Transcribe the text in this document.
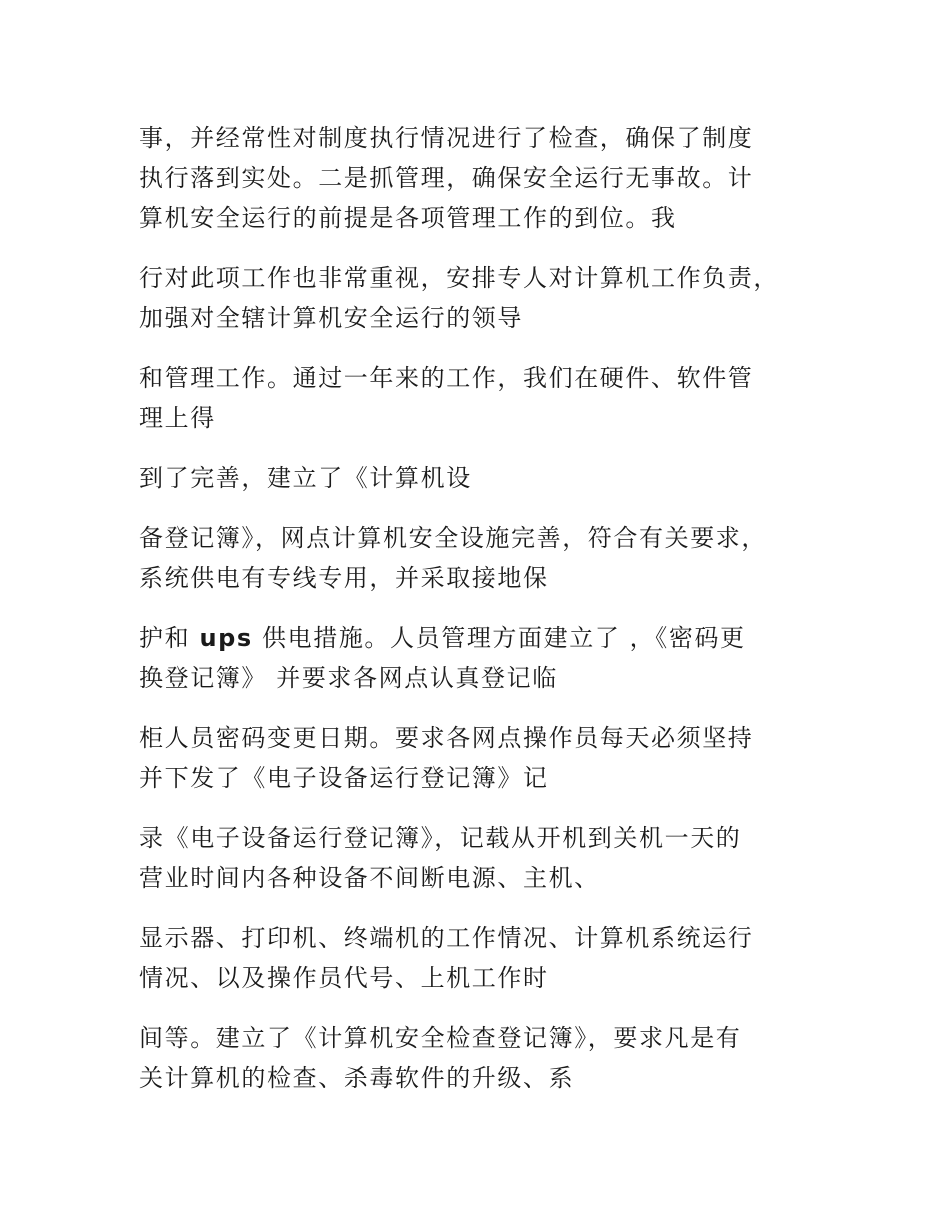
事，并经常性对制度执行情况进行了检查，确保了制度
执行落到实处。二是抓管理，确保安全运行无事故。计
算机安全运行的前提是各项管理工作的到位。我

行对此项工作也非常重视，安排专人对计算机工作负责，
加强对全辖计算机安全运行的领导

和管理工作。通过一年来的工作，我们在硬件、软件管
理上得

到了完善，建立了《计算机设

备登记簿》，网点计算机安全设施完善，符合有关要求，
系统供电有专线专用，并采取接地保

护和 ups 供电措施。人员管理方面建立了 ，《密码更
换登记簿》 并要求各网点认真登记临

柜人员密码变更日期。要求各网点操作员每天必须坚持
并下发了《电子设备运行登记簿》记

录《电子设备运行登记簿》，记载从开机到关机一天的
营业时间内各种设备不间断电源、主机、

显示器、打印机、终端机的工作情况、计算机系统运行
情况、以及操作员代号、上机工作时

间等。建立了《计算机安全检查登记簿》，要求凡是有
关计算机的检查、杀毒软件的升级、系
